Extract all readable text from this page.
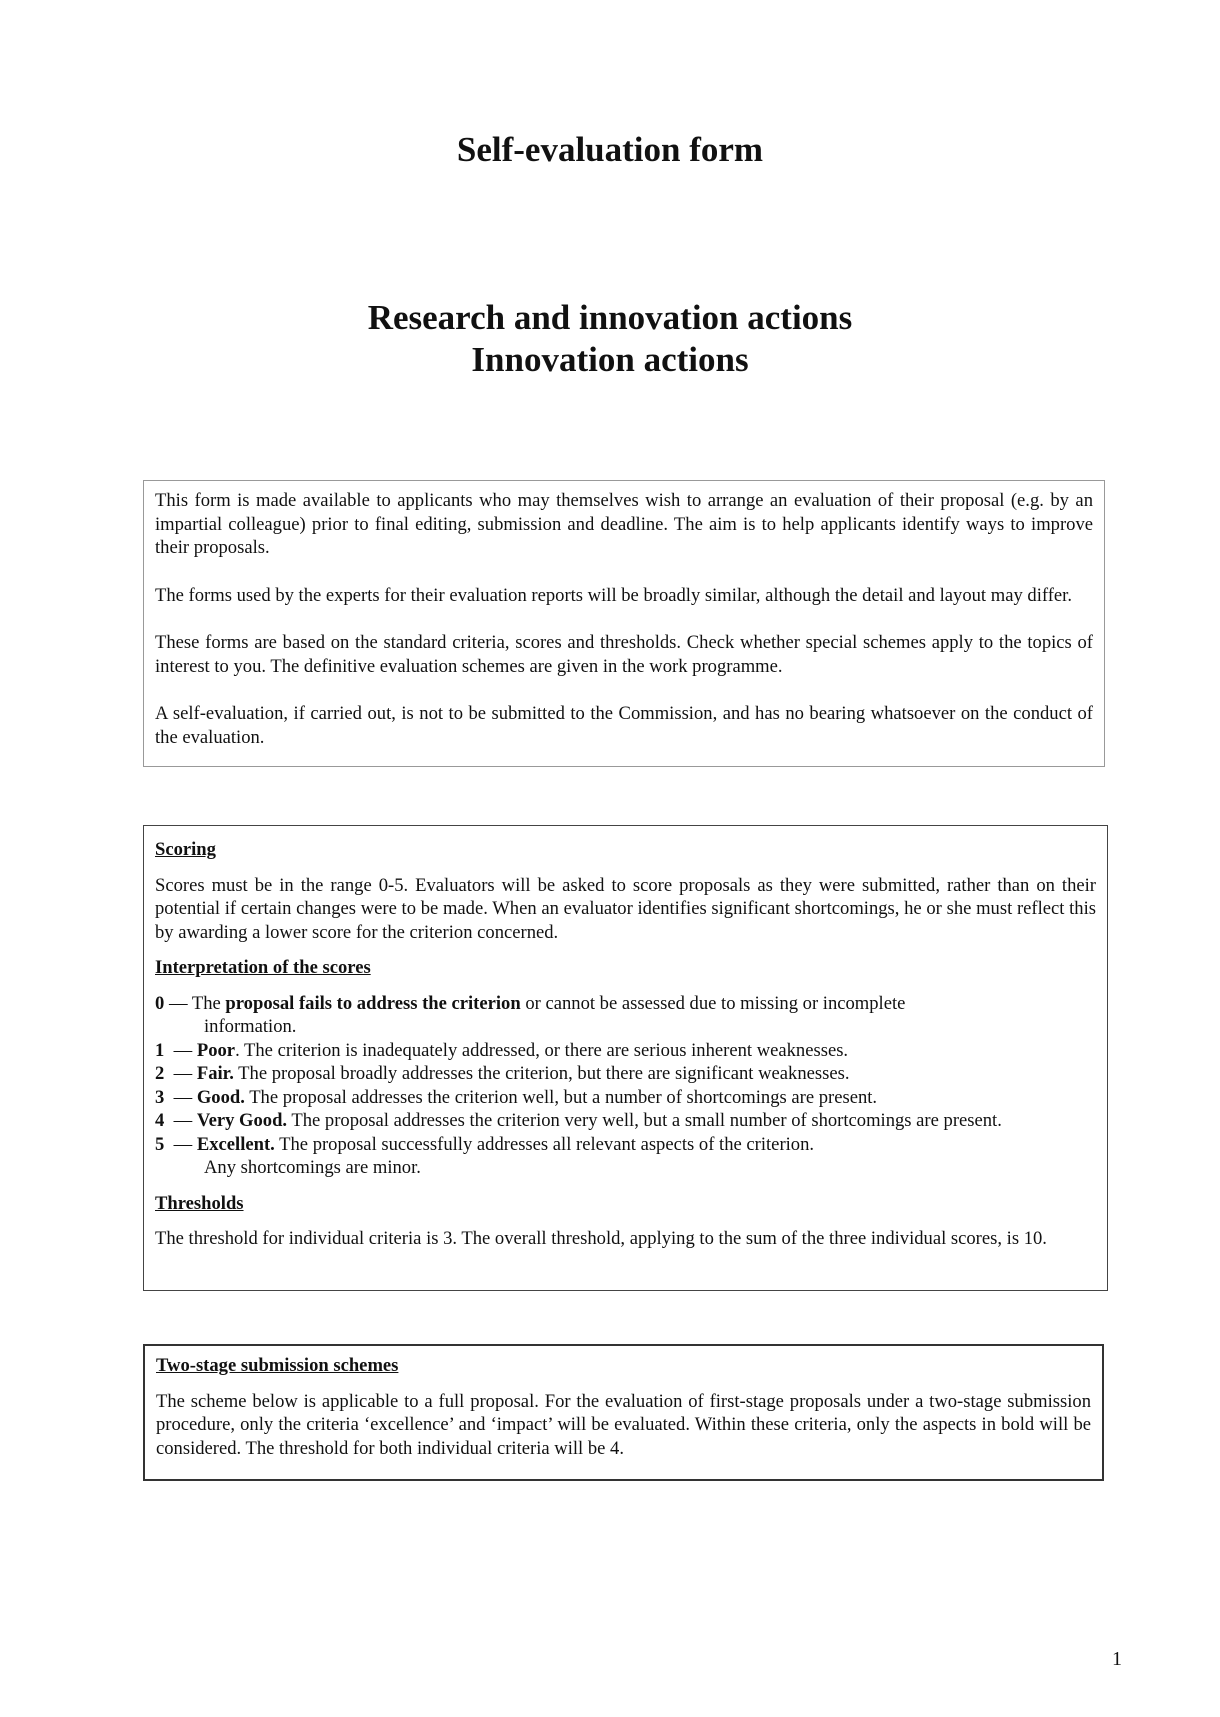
Self-evaluation form
Research and innovation actions
Innovation actions

This form is made available to applicants who may themselves wish to arrange an evaluation of their proposal (e.g. by an impartial colleague) prior to final editing, submission and deadline. The aim is to help applicants identify ways to improve their proposals.

The forms used by the experts for their evaluation reports will be broadly similar, although the detail and layout may differ.

These forms are based on the standard criteria, scores and thresholds. Check whether special schemes apply to the topics of interest to you. The definitive evaluation schemes are given in the work programme.

A self-evaluation, if carried out, is not to be submitted to the Commission, and has no bearing whatsoever on the conduct of the evaluation.

Scoring

Scores must be in the range 0-5. Evaluators will be asked to score proposals as they were submitted, rather than on their potential if certain changes were to be made. When an evaluator identifies significant shortcomings, he or she must reflect this by awarding a lower score for the criterion concerned.

Interpretation of the scores
0 — The proposal fails to address the criterion or cannot be assessed due to missing or incomplete
information.
1  — Poor. The criterion is inadequately addressed, or there are serious inherent weaknesses.
2  — Fair. The proposal broadly addresses the criterion, but there are significant weaknesses.
3  — Good. The proposal addresses the criterion well, but a number of shortcomings are present.
4  — Very Good. The proposal addresses the criterion very well, but a small number of shortcomings are present.
5  — Excellent. The proposal successfully addresses all relevant aspects of the criterion.
Any shortcomings are minor.
Thresholds

The threshold for individual criteria is 3. The overall threshold, applying to the sum of the three individual scores, is 10.

Two-stage submission schemes

The scheme below is applicable to a full proposal. For the evaluation of first-stage proposals under a two-stage submission procedure, only the criteria ‘excellence’ and ‘impact’ will be evaluated. Within these criteria, only the aspects in bold will be considered. The threshold for both individual criteria will be 4.

1
